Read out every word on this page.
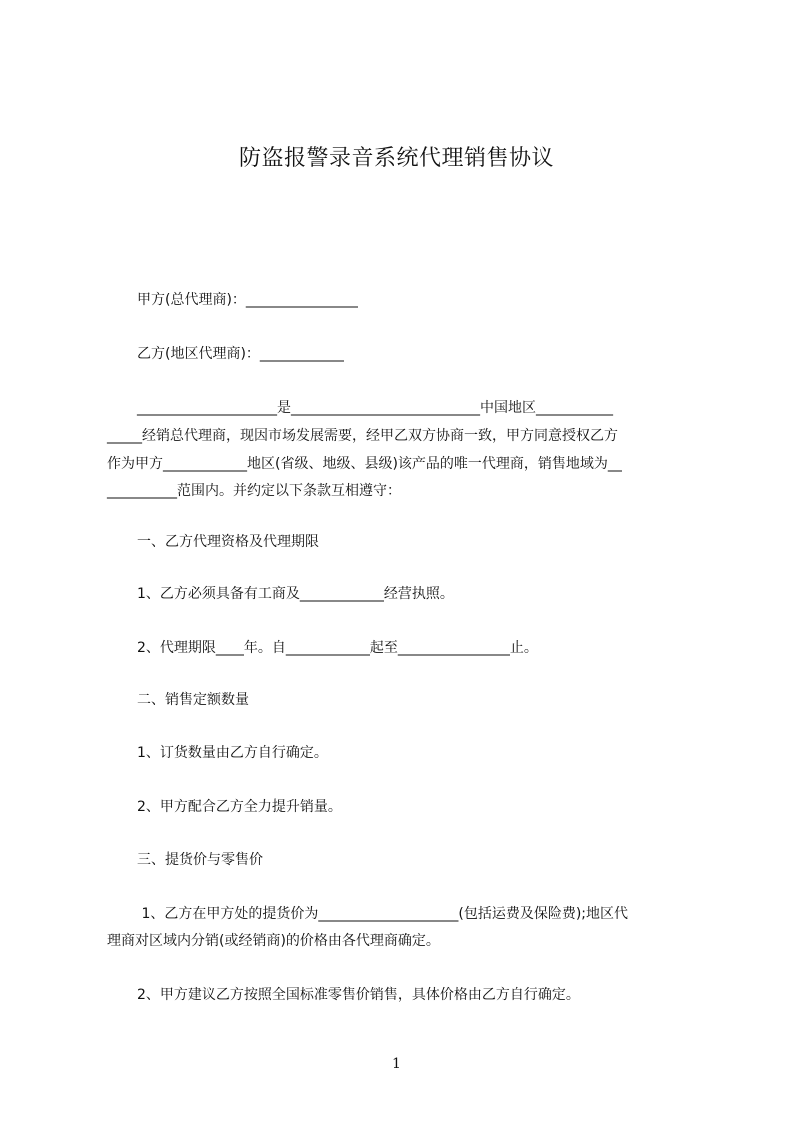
防盗报警录音系统代理销售协议
甲方(总代理商)：________________
乙方(地区代理商)：____________
____________________是___________________________中国地区___________
_____经销总代理商，现因市场发展需要，经甲乙双方协商一致，甲方同意授权乙方
作为甲方____________地区(省级、地级、县级)该产品的唯一代理商，销售地域为__
__________范围内。并约定以下条款互相遵守：
一、乙方代理资格及代理期限
1、乙方必须具备有工商及____________经营执照。
2、代理期限____年。自____________起至________________止。
二、销售定额数量
1、订货数量由乙方自行确定。
2、甲方配合乙方全力提升销量。
三、提货价与零售价
1、乙方在甲方处的提货价为____________________(包括运费及保险费);地区代
理商对区域内分销(或经销商)的价格由各代理商确定。
2、甲方建议乙方按照全国标准零售价销售，具体价格由乙方自行确定。
1
